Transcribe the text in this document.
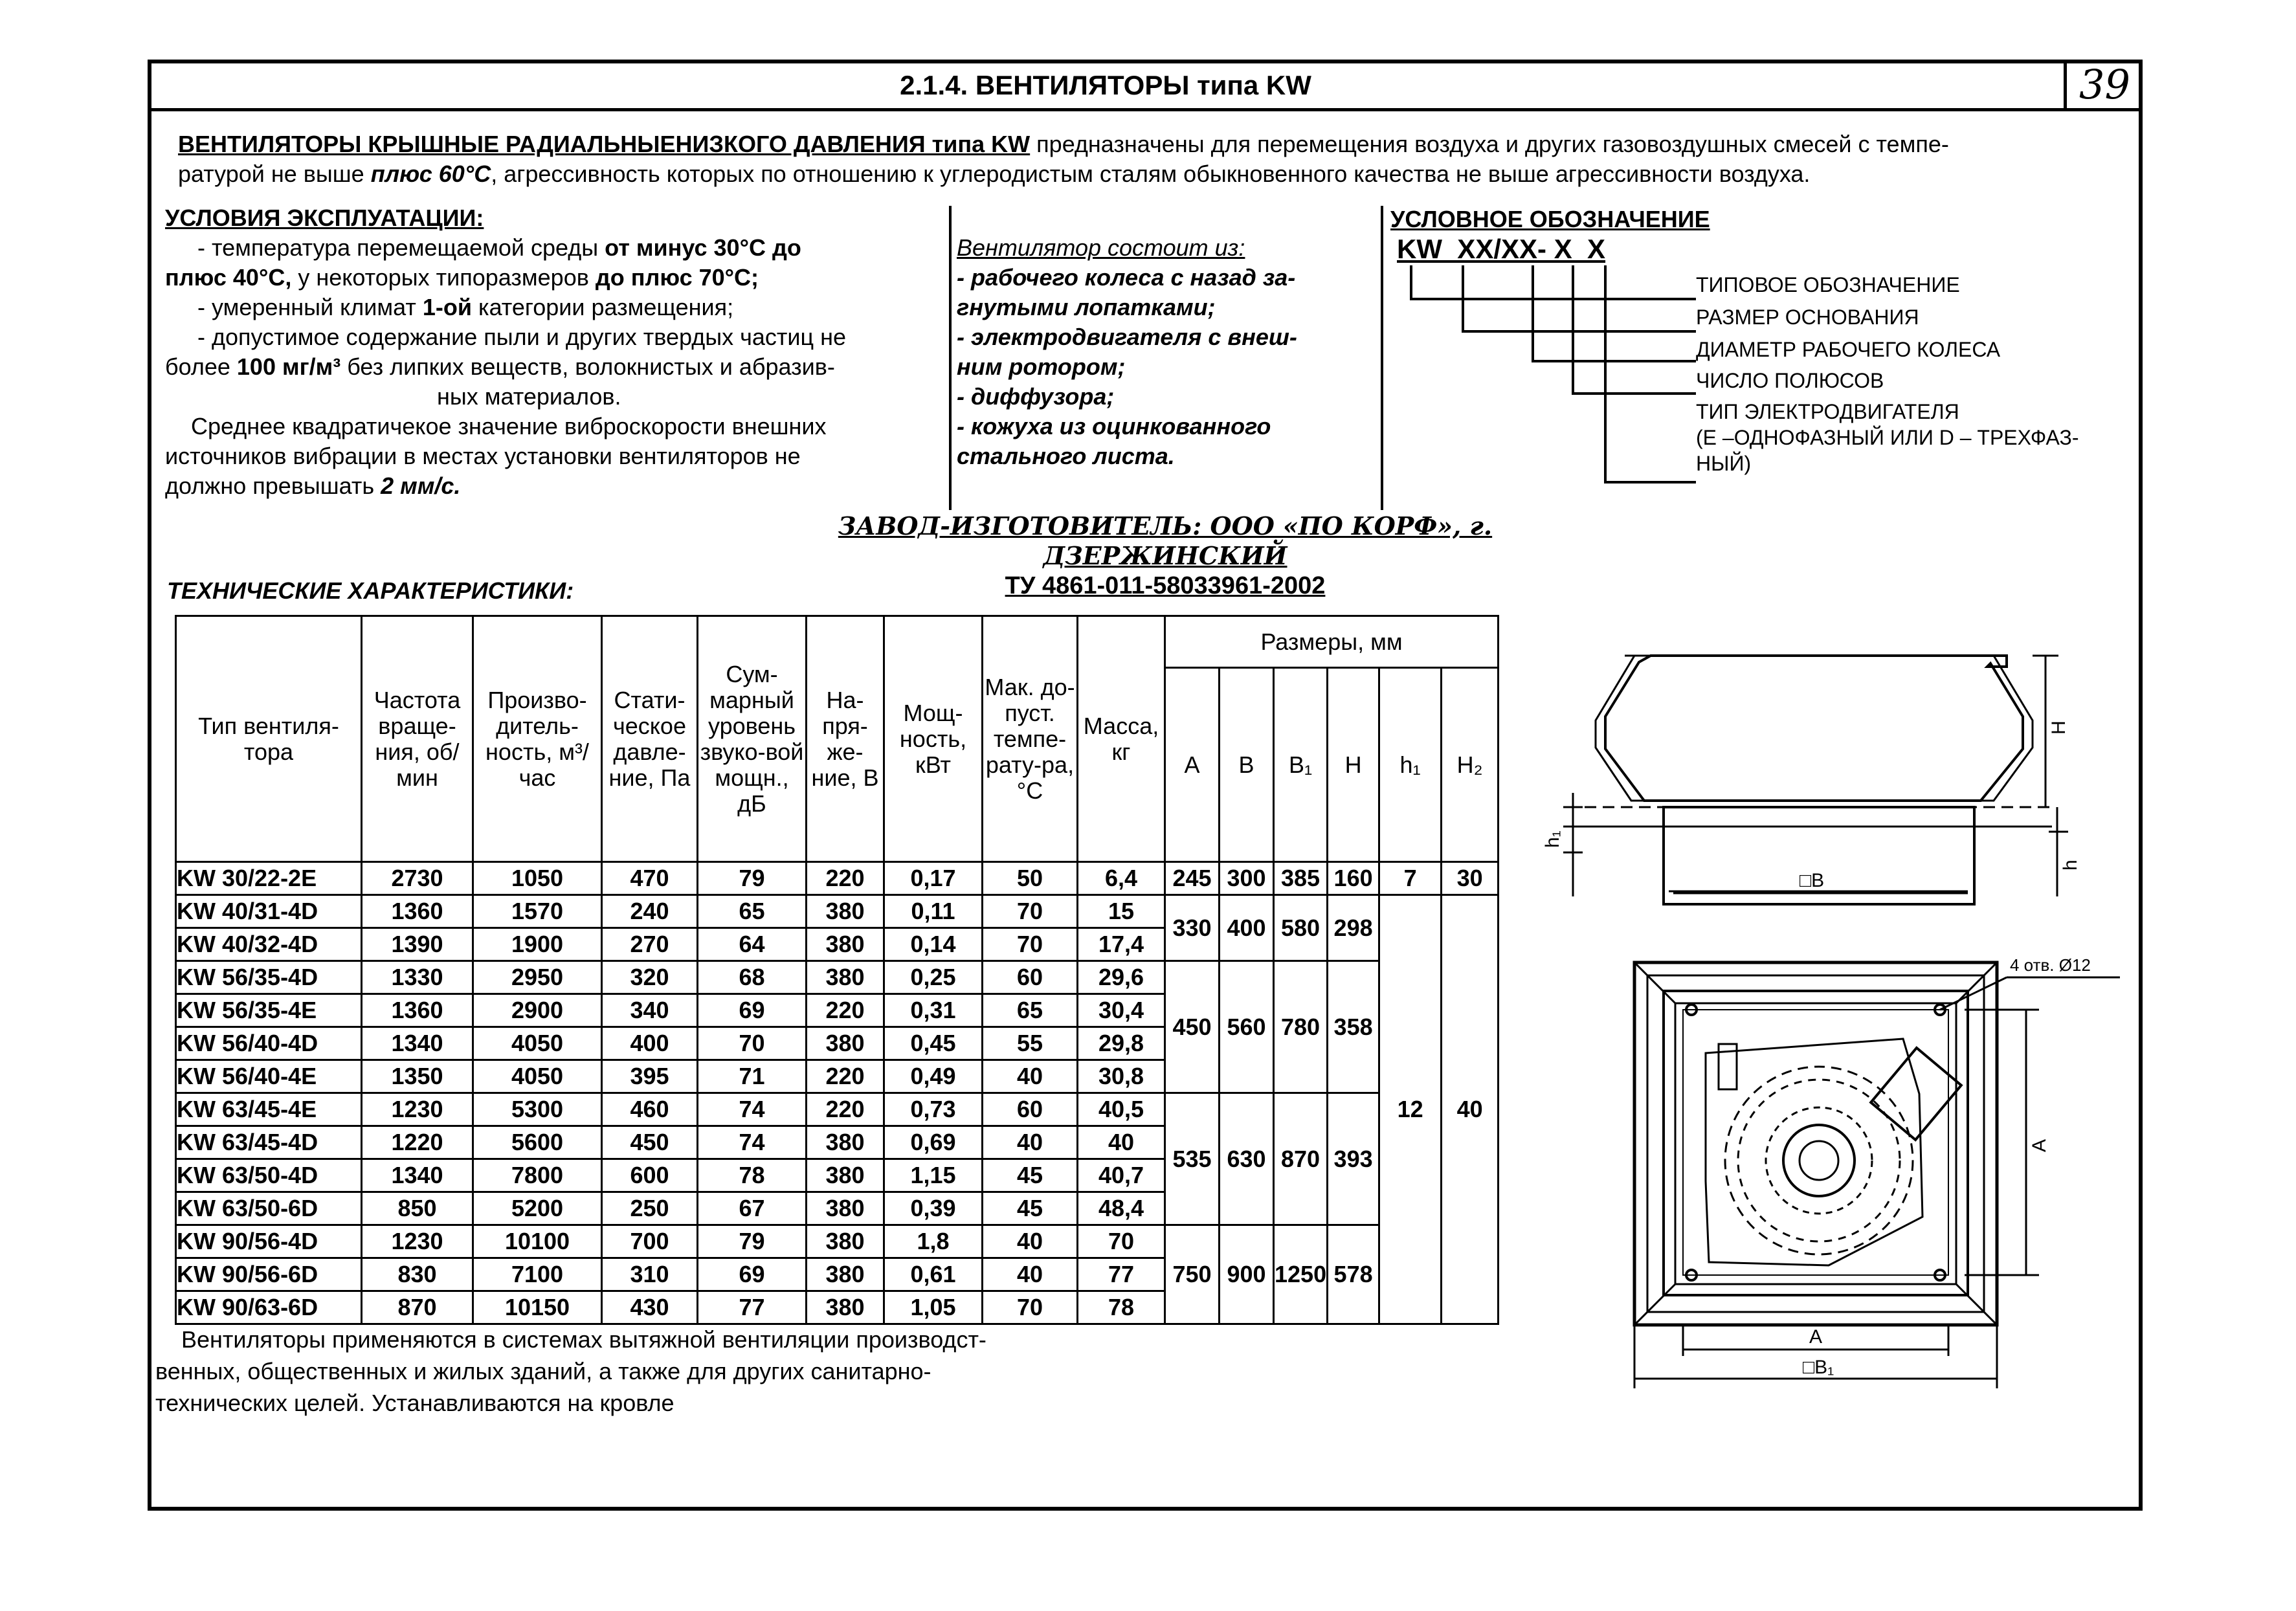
2.1.4. ВЕНТИЛЯТОРЫ типа KW	39
ВЕНТИЛЯТОРЫ КРЫШНЫЕ РАДИАЛЬНЫЕНИЗКОГО ДАВЛЕНИЯ типа KW предназначены для перемещения воздуха и других газовоздушных смесей с темпе-
ратурой не выше плюс 60°С, агрессивность которых по отношению к углеродистым сталям обыкновенного качества не выше агрессивности воздуха.
УСЛОВИЯ ЭКСПЛУАТАЦИИ:
- температура перемещаемой среды от минус 30°С до
плюс 40°С, у некоторых типоразмеров до плюс 70°С;
- умеренный климат 1-ой категории размещения;
- допустимое содержание пыли и других твердых частиц не
более 100 мг/м³ без липких веществ, волокнистых и абразив-
ных материалов.
Среднее квадратичекое значение виброскорости внешних
источников вибрации в местах установки вентиляторов не
должно превышать 2 мм/с.
Вентилятор состоит из:
- рабочего колеса с назад за-
гнутыми лопатками;
- электродвигателя с внеш-
ним ротором;
- диффузора;
- кожуха из оцинкованного
стального листа.
УСЛОВНОЕ ОБОЗНАЧЕНИЕ
KW  XX/XX- X  X
ТИПОВОЕ ОБОЗНАЧЕНИЕ
РАЗМЕР ОСНОВАНИЯ
ДИАМЕТР РАБОЧЕГО КОЛЕСА
ЧИСЛО ПОЛЮСОВ
ТИП ЭЛЕКТРОДВИГАТЕЛЯ
(Е –ОДНОФАЗНЫЙ ИЛИ D – ТРЕХФАЗ-
НЫЙ)
ЗАВОД-ИЗГОТОВИТЕЛЬ: ООО «ПО КОРФ», г. ДЗЕРЖИНСКИЙ
ТУ 4861-011-58033961-2002
ТЕХНИЧЕСКИЕ ХАРАКТЕРИСТИКИ:
Тип вентиля-тора	Частота враще-ния, об/мин	Произво-дитель-ность, м³/час	Стати-ческое давле-ние, Па	Сум-марный уровень звуко-вой мощн., дБ	На-пря-же-ние, В	Мощ-ность, кВт	Мак. до-пуст. темпе-рату-ра, °С	Масса, кг	Размеры, мм					
									A	B	B₁	H	h₁	H₂
KW 30/22-2E	2730	1050	470	79	220	0,17	50	6,4	245	300	385	160	7	30
KW 40/31-4D	1360	1570	240	65	380	0,11	70	15	330	400	580	298	12	40
KW 40/32-4D	1390	1900	270	64	380	0,14	70	17,4						
KW 56/35-4D	1330	2950	320	68	380	0,25	60	29,6	450	560	780	358		
KW 56/35-4E	1360	2900	340	69	220	0,31	65	30,4						
KW 56/40-4D	1340	4050	400	70	380	0,45	55	29,8						
KW 56/40-4E	1350	4050	395	71	220	0,49	40	30,8						
KW 63/45-4E	1230	5300	460	74	220	0,73	60	40,5	535	630	870	393		
KW 63/45-4D	1220	5600	450	74	380	0,69	40	40						
KW 63/50-4D	1340	7800	600	78	380	1,15	45	40,7						
KW 63/50-6D	850	5200	250	67	380	0,39	45	48,4						
KW 90/56-4D	1230	10100	700	79	380	1,8	40	70	750	900	1250	578		
KW 90/56-6D	830	7100	310	69	380	0,61	40	77						
KW 90/63-6D	870	10150	430	77	380	1,05	70	78						
H
h₁
h
□B
4 отв. Ø12
A
A
□B₁
Вентиляторы применяются в системах вытяжной вентиляции производст-
венных, общественных и жилых зданий, а также для других санитарно-
технических целей. Устанавливаются на кровле
